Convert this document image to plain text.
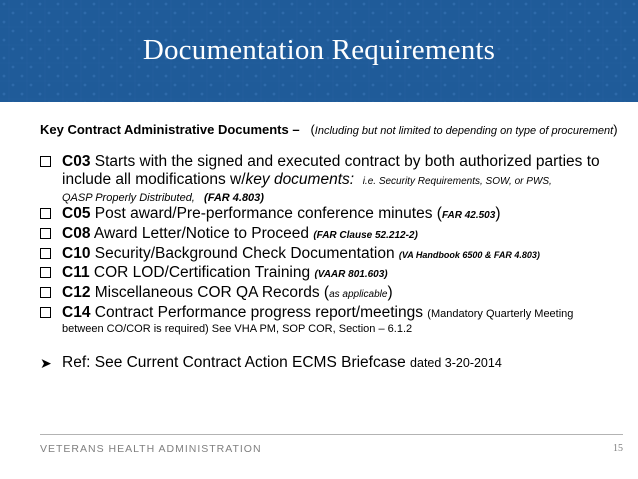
Documentation Requirements
Key Contract Administrative Documents – (Including but not limited to depending on type of procurement)
C03 Starts with the signed and executed contract by both authorized parties to include all modifications w/key documents: i.e. Security Requirements, SOW, or PWS,
QASP Properly Distributed, (FAR 4.803)
C05 Post award/Pre-performance conference minutes (FAR 42.503)
C08 Award Letter/Notice to Proceed (FAR Clause 52.212-2)
C10 Security/Background Check Documentation (VA Handbook 6500 & FAR 4.803)
C11 COR LOD/Certification Training (VAAR 801.603)
C12 Miscellaneous COR QA Records (as applicable)
C14 Contract Performance progress report/meetings (Mandatory Quarterly Meeting
between CO/COR is required) See VHA PM, SOP COR, Section – 6.1.2
➤ Ref: See Current Contract Action ECMS Briefcase dated 3-20-2014
VETERANS HEALTH ADMINISTRATION	15
